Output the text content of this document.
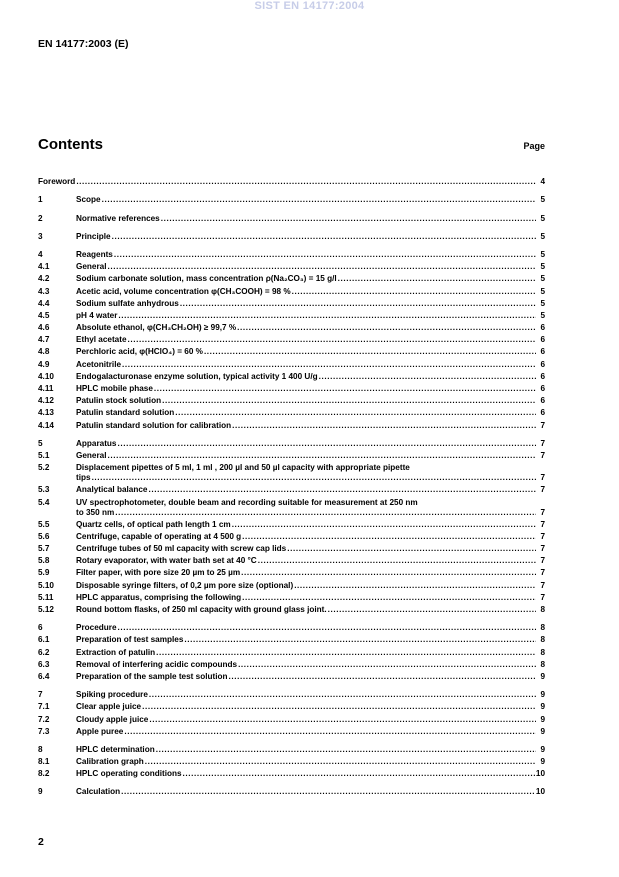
SIST EN 14177:2004
EN 14177:2003 (E)
Contents	Page
Foreword .....	4
1	Scope .....	5
2	Normative references .....	5
3	Principle .....	5
4	Reagents .....	5
4.1	General .....	5
4.2	Sodium carbonate solution, mass concentration ρ(Na₂CO₃) = 15 g/l .....	5
4.3	Acetic acid, volume concentration φ(CH₃COOH) = 98 % .....	5
4.4	Sodium sulfate anhydrous .....	5
4.5	pH 4 water .....	5
4.6	Absolute ethanol, φ(CH₃CH₂OH) ≥ 99,7 % .....	6
4.7	Ethyl acetate .....	6
4.8	Perchloric acid, φ(HClO₄) = 60 % .....	6
4.9	Acetonitrile .....	6
4.10	Endogalacturonase enzyme solution, typical activity 1 400 U/g .....	6
4.11	HPLC mobile phase .....	6
4.12	Patulin stock solution .....	6
4.13	Patulin standard solution .....	6
4.14	Patulin standard solution for calibration .....	7
5	Apparatus .....	7
5.1	General .....	7
5.2	Displacement pipettes of 5 ml, 1 ml , 200 µl and 50 µl capacity with appropriate pipette
tips .....	7
5.3	Analytical balance .....	7
5.4	UV spectrophotometer, double beam and recording suitable for measurement at 250 nm
to 350 nm .....	7
5.5	Quartz cells, of optical path length 1 cm .....	7
5.6	Centrifuge, capable of operating at 4 500 g .....	7
5.7	Centrifuge tubes of 50 ml capacity with screw cap lids .....	7
5.8	Rotary evaporator, with water bath set at 40 °C .....	7
5.9	Filter paper, with pore size 20 µm to 25 µm .....	7
5.10	Disposable syringe filters, of 0,2 µm pore size (optional) .....	7
5.11	HPLC apparatus, comprising the following .....	7
5.12	Round bottom flasks, of 250 ml capacity with ground glass joint. .....	8
6	Procedure .....	8
6.1	Preparation of test samples .....	8
6.2	Extraction of patulin .....	8
6.3	Removal of interfering acidic compounds .....	8
6.4	Preparation of the sample test solution .....	9
7	Spiking procedure .....	9
7.1	Clear apple juice .....	9
7.2	Cloudy apple juice .....	9
7.3	Apple puree .....	9
8	HPLC determination .....	9
8.1	Calibration graph .....	9
8.2	HPLC operating conditions .....	10
9	Calculation .....	10
2
